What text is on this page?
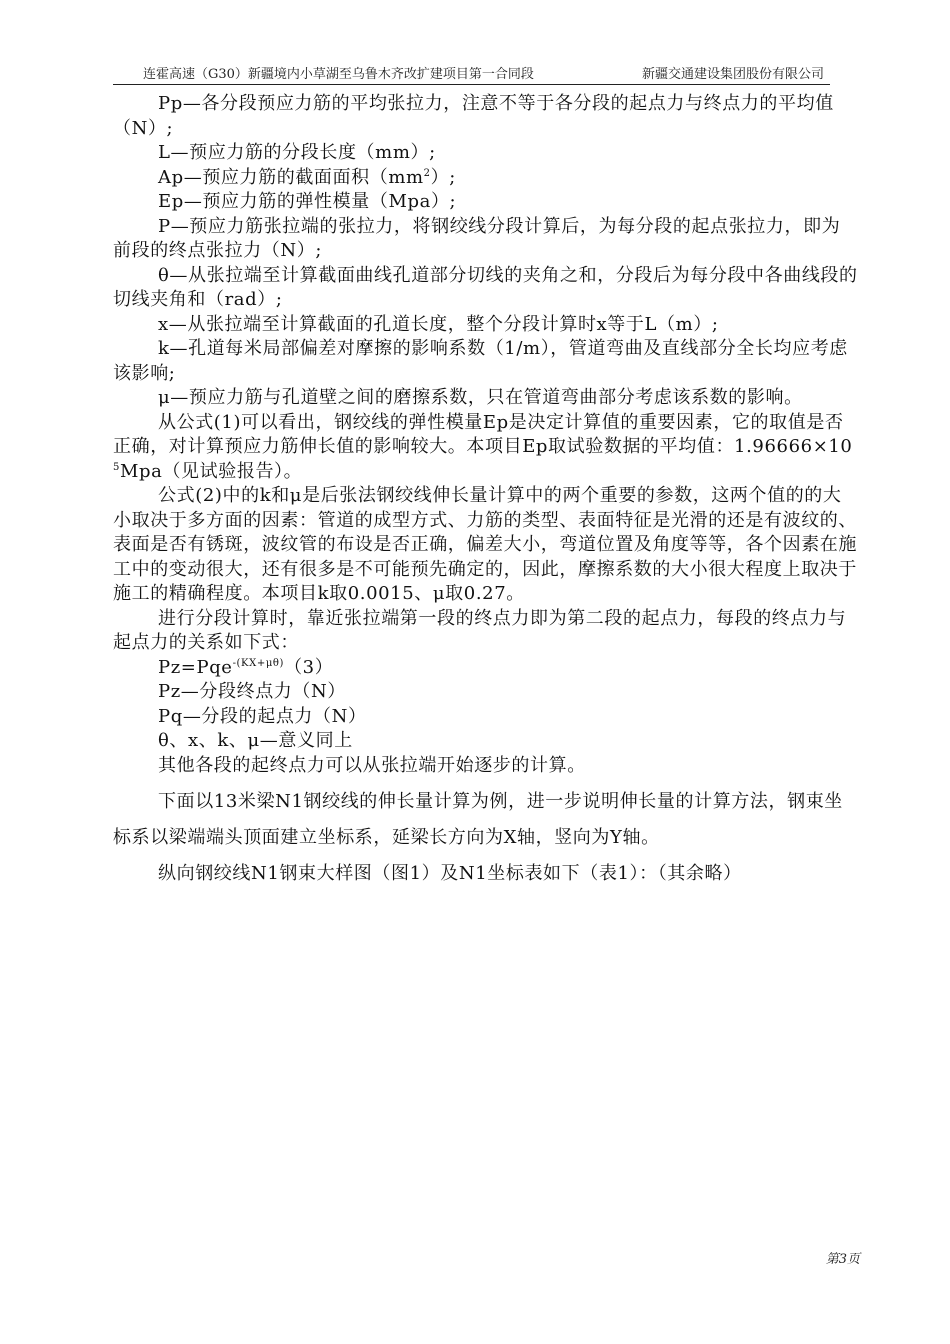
连霍高速（G30）新疆境内小草湖至乌鲁木齐改扩建项目第一合同段	新疆交通建设集团股份有限公司

Pp—各分段预应力筋的平均张拉力，注意不等于各分段的起点力与终点力的平均值（N）;

L—预应力筋的分段长度（mm）;

Ap—预应力筋的截面面积$(mm^2)$;

Ep—预应力筋的弹性模量（Mpa）;

P—预应力筋张拉端的张拉力，将钢绞线分段计算后，为每分段的起点张拉力，即为前段的终点张拉力（N）;

θ—从张拉端至计算截面曲线孔道部分切线的夹角之和，分段后为每分段中各曲线段的切线夹角和（rad）;

x—从张拉端至计算截面的孔道长度，整个分段计算时x等于L（m）;

k—孔道每米局部偏差对摩擦的影响系数（1/m），管道弯曲及直线部分全长均应考虑该影响;

μ—预应力筋与孔道壁之间的磨擦系数，只在管道弯曲部分考虑该系数的影响。

从公式(1)可以看出，钢绞线的弹性模量Ep是决定计算值的重要因素，它的取值是否正确，对计算预应力筋伸长值的影响较大。本项目Ep取试验数据的平均值：$1.96666\times 10^5Mpa$（见试验报告）。

公式(2)中的k和μ是后张法钢绞线伸长量计算中的两个重要的参数，这两个值的的大小取决于多方面的因素：管道的成型方式、力筋的类型、表面特征是光滑的还是有波纹的、表面是否有锈斑，波纹管的布设是否正确，偏差大小，弯道位置及角度等等，各个因素在施工中的变动很大，还有很多是不可能预先确定的，因此，摩擦系数的大小很大程度上取决于施工的精确程度。本项目k取0.0015、μ取0.27。

进行分段计算时，靠近张拉端第一段的终点力即为第二段的起点力，每段的终点力与起点力的关系如下式：

Pz=Pqe$^{-(KX+\mu\theta)}$（3）

Pz—分段终点力（N）

Pq—分段的起点力（N）

θ、x、k、μ—意义同上

其他各段的起终点力可以从张拉端开始逐步的计算。

下面以13米梁N1钢绞线的伸长量计算为例，进一步说明伸长量的计算方法，钢束坐标系以梁端端头顶面建立坐标系，延梁长方向为X轴，竖向为Y轴。

纵向钢绞线N1钢束大样图（图1）及N1坐标表如下（表1）：（其余略）

第3页
